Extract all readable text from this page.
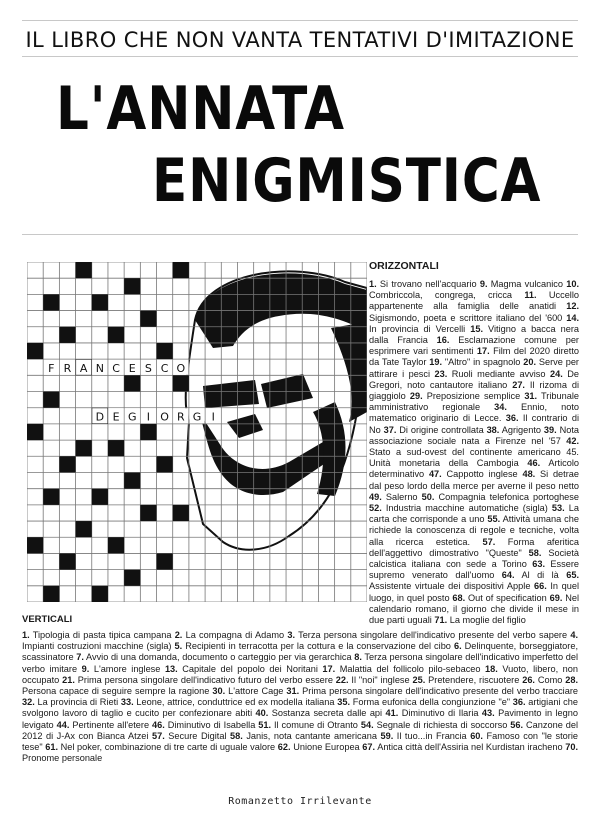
IL LIBRO CHE NON VANTA TENTATIVI D'IMITAZIONE
L'ANNATA
ENIGMISTICA
F R A N C E S C O
D E G I O R G I
ORIZZONTALI
1. Si trovano nell'acquario 9. Magma vulcanico 10. Combriccola, congrega, cricca 11. Uccello appartenente alla famiglia delle anatidi 12. Sigismondo, poeta e scrittore italiano del '600 14. In provincia di Vercelli 15. Vitigno a bacca nera dalla Francia 16. Esclamazione comune per esprimere vari sentimenti 17. Film del 2020 diretto da Tate Taylor 19. "Altro" in spagnolo 20. Serve per attirare i pesci 23. Ruoli mediante avviso 24. De Gregori, noto cantautore italiano 27. Il rizoma di giaggiolo 29. Preposizione semplice 31. Tribunale amministrativo regionale 34. Ennio, noto matematico originario di Lecce. 36. Il contrario di No 37. Di origine controllata 38. Agrigento 39. Nota associazione sociale nata a Firenze nel '57 42. Stato a sud-ovest del continente americano 45. Unità monetaria della Cambogia 46. Articolo determinativo 47. Cappotto inglese 48. Si detrae dal peso lordo della merce per averne il peso netto 49. Salerno 50. Compagnia telefonica portoghese 52. Industria macchine automatiche (sigla) 53. La carta che corrisponde a uno 55. Attività umana che richiede la conoscenza di regole e tecniche, volta alla ricerca estetica. 57. Forma aferitica dell'aggettivo dimostrativo "Queste" 58. Società calcistica italiana con sede a Torino 63. Essere supremo venerato dall'uomo 64. Al di là 65. Assistente virtuale dei dispositivi Apple 66. In quel luogo, in quel posto 68. Out of specification 69. Nel calendario romano, il giorno che divide il mese in due parti uguali 71. La moglie del figlio
VERTICALI
1. Tipologia di pasta tipica campana 2. La compagna di Adamo 3. Terza persona singolare dell'indicativo presente del verbo sapere 4. Impianti costruzioni macchine (sigla) 5. Recipienti in terracotta per la cottura e la conservazione del cibo 6. Delinquente, borseggiatore, scassinatore 7. Avvio di una domanda, documento o carteggio per via gerarchica 8. Terza persona singolare dell'indicativo imperfetto del verbo imitare 9. L'amore inglese 13. Capitale del popolo dei Noritani 17. Malattia del follicolo pilo-sebaceo 18. Vuoto, libero, non occupato 21. Prima persona singolare dell'indicativo futuro del verbo essere 22. Il "noi" inglese 25. Pretendere, riscuotere 26. Como 28. Persona capace di seguire sempre la ragione 30. L'attore Cage 31. Prima persona singolare dell'indicativo presente del verbo tracciare 32. La provincia di Rieti 33. Leone, attrice, conduttrice ed ex modella italiana 35. Forma eufonica della congiunzione "e" 36. artigiani che svolgono lavoro di taglio e cucito per confezionare abiti 40. Sostanza secreta dalle api 41. Diminutivo di Ilaria 43. Pavimento in legno levigato 44. Pertinente all'etere 46. Diminutivo di Isabella 51. Il comune di Otranto 54. Segnale di richiesta di soccorso 56. Canzone del 2012 di J-Ax con Bianca Atzei 57. Secure Digital 58. Janis, nota cantante americana 59. Il tuo...in Francia 60. Famoso con "le storie tese" 61. Nel poker, combinazione di tre carte di uguale valore 62. Unione Europea 67. Antica città dell'Assiria nel Kurdistan iracheno 70. Pronome personale
Romanzetto Irrilevante
